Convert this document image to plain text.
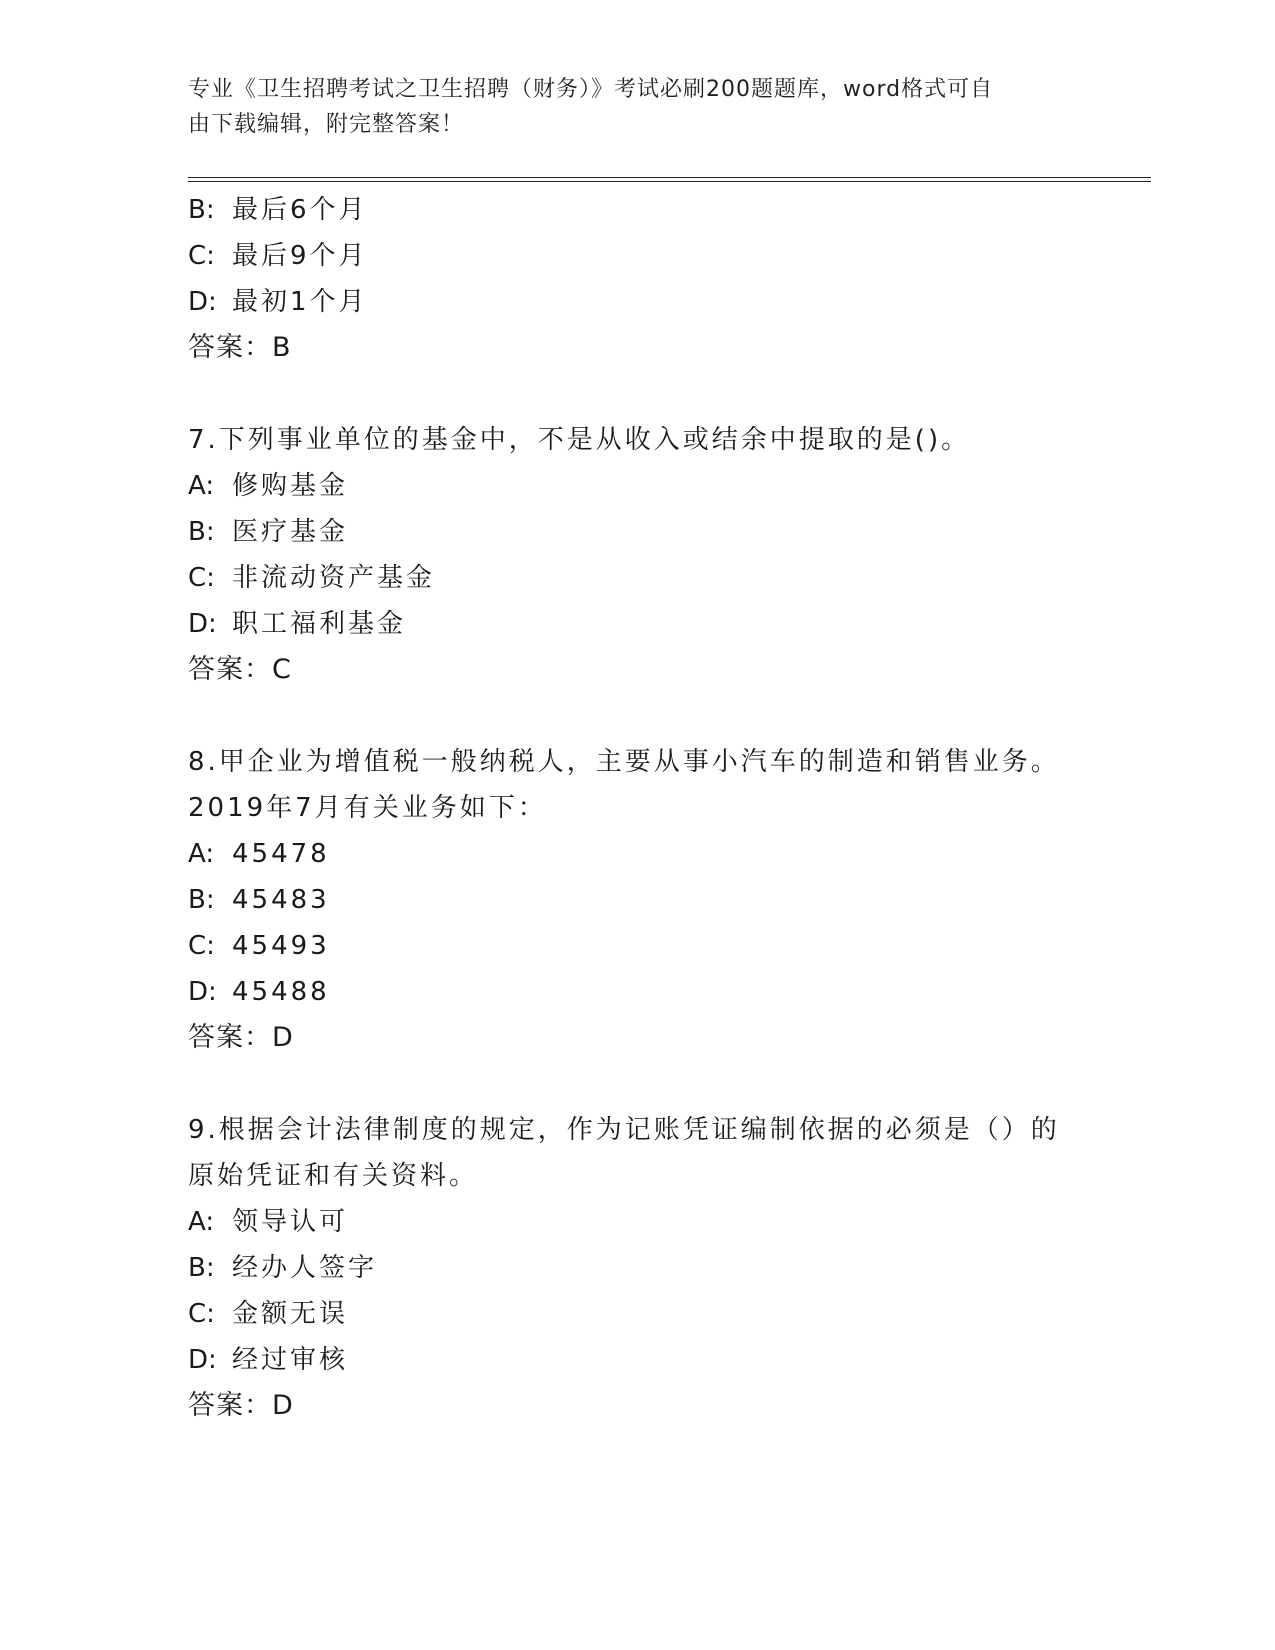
专业《卫生招聘考试之卫生招聘（财务）》考试必刷200题题库，word格式可自
由下载编辑，附完整答案！
B: 最后6个月
C: 最后9个月
D: 最初1个月
答案：B
7.下列事业单位的基金中，不是从收入或结余中提取的是()。
A: 修购基金
B: 医疗基金
C: 非流动资产基金
D: 职工福利基金
答案：C
8.甲企业为增值税一般纳税人，主要从事小汽车的制造和销售业务。
2019年7月有关业务如下：
A: 45478
B: 45483
C: 45493
D: 45488
答案：D
9.根据会计法律制度的规定，作为记账凭证编制依据的必须是（）的
原始凭证和有关资料。
A: 领导认可
B: 经办人签字
C: 金额无误
D: 经过审核
答案：D
